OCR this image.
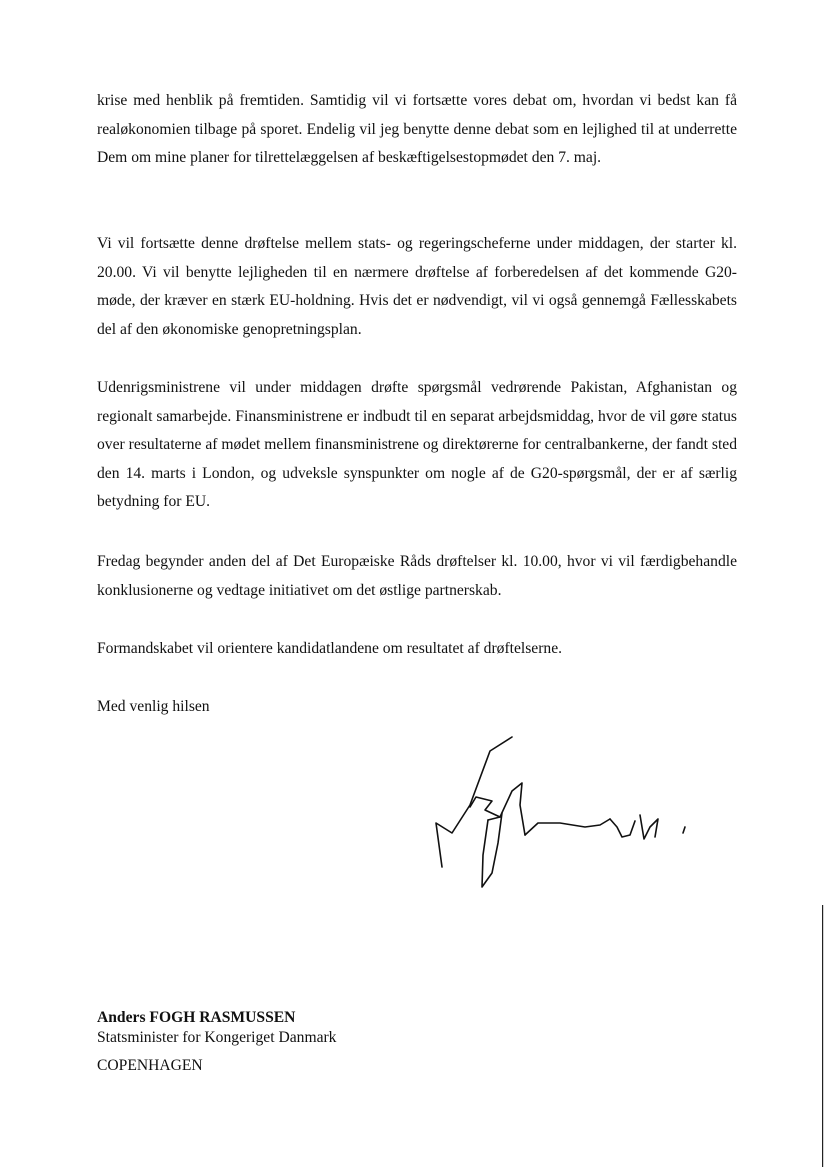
krise med henblik på fremtiden. Samtidig vil vi fortsætte vores debat om, hvordan vi bedst kan få realøkonomien tilbage på sporet. Endelig vil jeg benytte denne debat som en lejlighed til at underrette Dem om mine planer for tilrettelæggelsen af beskæftigelsestopmødet den 7. maj.

Vi vil fortsætte denne drøftelse mellem stats- og regeringscheferne under middagen, der starter kl. 20.00. Vi vil benytte lejligheden til en nærmere drøftelse af forberedelsen af det kommende G20-møde, der kræver en stærk EU-holdning. Hvis det er nødvendigt, vil vi også gennemgå Fællesskabets del af den økonomiske genopretningsplan.

Udenrigsministrene vil under middagen drøfte spørgsmål vedrørende Pakistan, Afghanistan og regionalt samarbejde. Finansministrene er indbudt til en separat arbejdsmiddag, hvor de vil gøre status over resultaterne af mødet mellem finansministrene og direktørerne for centralbankerne, der fandt sted den 14. marts i London, og udveksle synspunkter om nogle af de G20-spørgsmål, der er af særlig betydning for EU.

Fredag begynder anden del af Det Europæiske Råds drøftelser kl. 10.00, hvor vi vil færdigbehandle konklusionerne og vedtage initiativet om det østlige partnerskab.

Formandskabet vil orientere kandidatlandene om resultatet af drøftelserne.

Med venlig hilsen

Anders FOGH RASMUSSEN

Statsminister for Kongeriget Danmark

COPENHAGEN
